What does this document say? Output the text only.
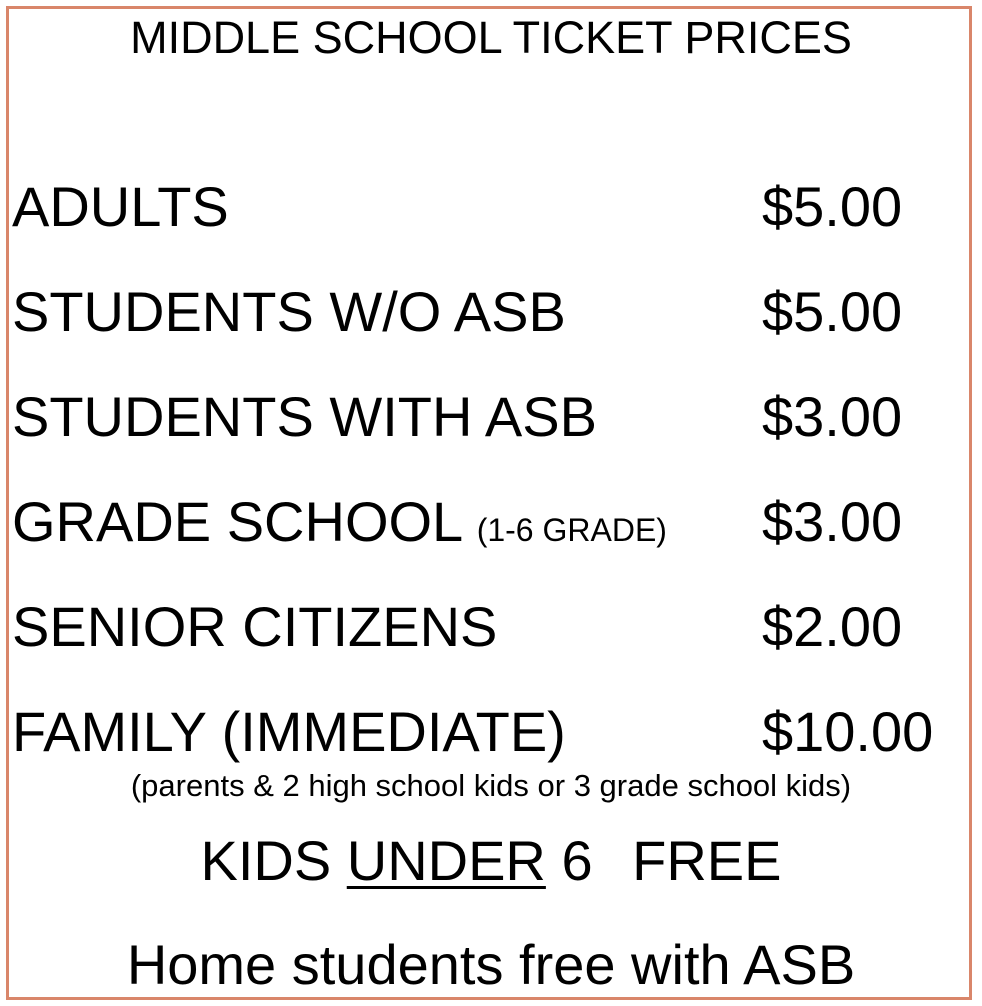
MIDDLE SCHOOL TICKET PRICES
ADULTS	$5.00
STUDENTS W/O ASB	$5.00
STUDENTS WITH ASB	$3.00
GRADE SCHOOL (1-6 GRADE) $3.00
SENIOR CITIZENS	$2.00
FAMILY (IMMEDIATE)	$10.00
(parents & 2 high school kids or 3 grade school kids)
KIDS UNDER 6 FREE
Home students free with ASB
